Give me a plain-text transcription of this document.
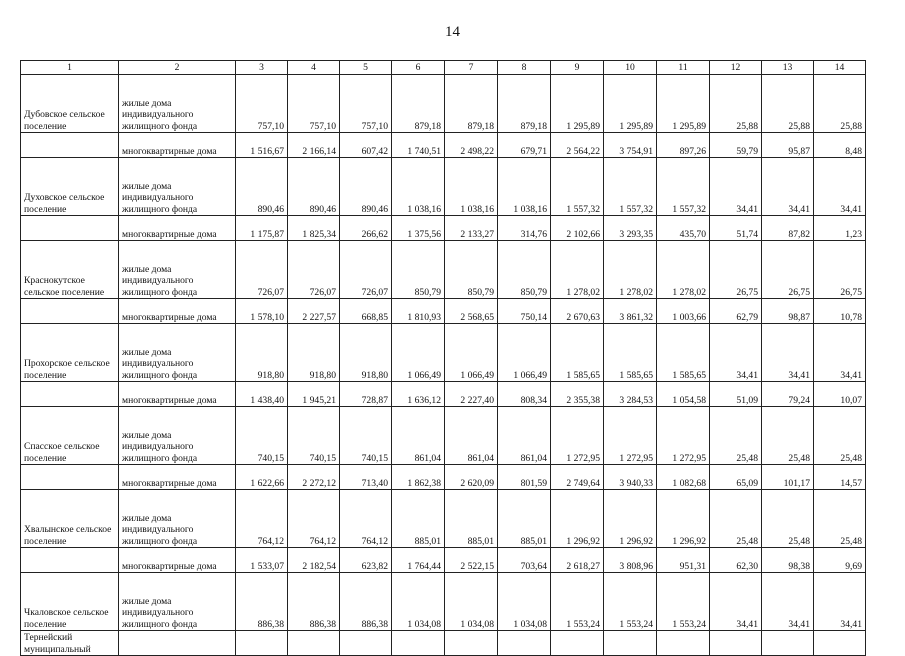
14
1	2	3	4	5	6	7	8	9	10	11	12	13	14
Дубовское сельское поселение	жилые дома индивидуального жилищного фонда	757,10	757,10	757,10	879,18	879,18	879,18	1 295,89	1 295,89	1 295,89	25,88	25,88	25,88
	многоквартирные дома	1 516,67	2 166,14	607,42	1 740,51	2 498,22	679,71	2 564,22	3 754,91	897,26	59,79	95,87	8,48
Духовское сельское поселение	жилые дома индивидуального жилищного фонда	890,46	890,46	890,46	1 038,16	1 038,16	1 038,16	1 557,32	1 557,32	1 557,32	34,41	34,41	34,41
	многоквартирные дома	1 175,87	1 825,34	266,62	1 375,56	2 133,27	314,76	2 102,66	3 293,35	435,70	51,74	87,82	1,23
Краснокутское сельское поселение	жилые дома индивидуального жилищного фонда	726,07	726,07	726,07	850,79	850,79	850,79	1 278,02	1 278,02	1 278,02	26,75	26,75	26,75
	многоквартирные дома	1 578,10	2 227,57	668,85	1 810,93	2 568,65	750,14	2 670,63	3 861,32	1 003,66	62,79	98,87	10,78
Прохорское сельское поселение	жилые дома индивидуального жилищного фонда	918,80	918,80	918,80	1 066,49	1 066,49	1 066,49	1 585,65	1 585,65	1 585,65	34,41	34,41	34,41
	многоквартирные дома	1 438,40	1 945,21	728,87	1 636,12	2 227,40	808,34	2 355,38	3 284,53	1 054,58	51,09	79,24	10,07
Спасское сельское поселение	жилые дома индивидуального жилищного фонда	740,15	740,15	740,15	861,04	861,04	861,04	1 272,95	1 272,95	1 272,95	25,48	25,48	25,48
	многоквартирные дома	1 622,66	2 272,12	713,40	1 862,38	2 620,09	801,59	2 749,64	3 940,33	1 082,68	65,09	101,17	14,57
Хвалынское сельское поселение	жилые дома индивидуального жилищного фонда	764,12	764,12	764,12	885,01	885,01	885,01	1 296,92	1 296,92	1 296,92	25,48	25,48	25,48
	многоквартирные дома	1 533,07	2 182,54	623,82	1 764,44	2 522,15	703,64	2 618,27	3 808,96	951,31	62,30	98,38	9,69
Чкаловское сельское поселение	жилые дома индивидуального жилищного фонда	886,38	886,38	886,38	1 034,08	1 034,08	1 034,08	1 553,24	1 553,24	1 553,24	34,41	34,41	34,41
Тернейский муниципальный													
